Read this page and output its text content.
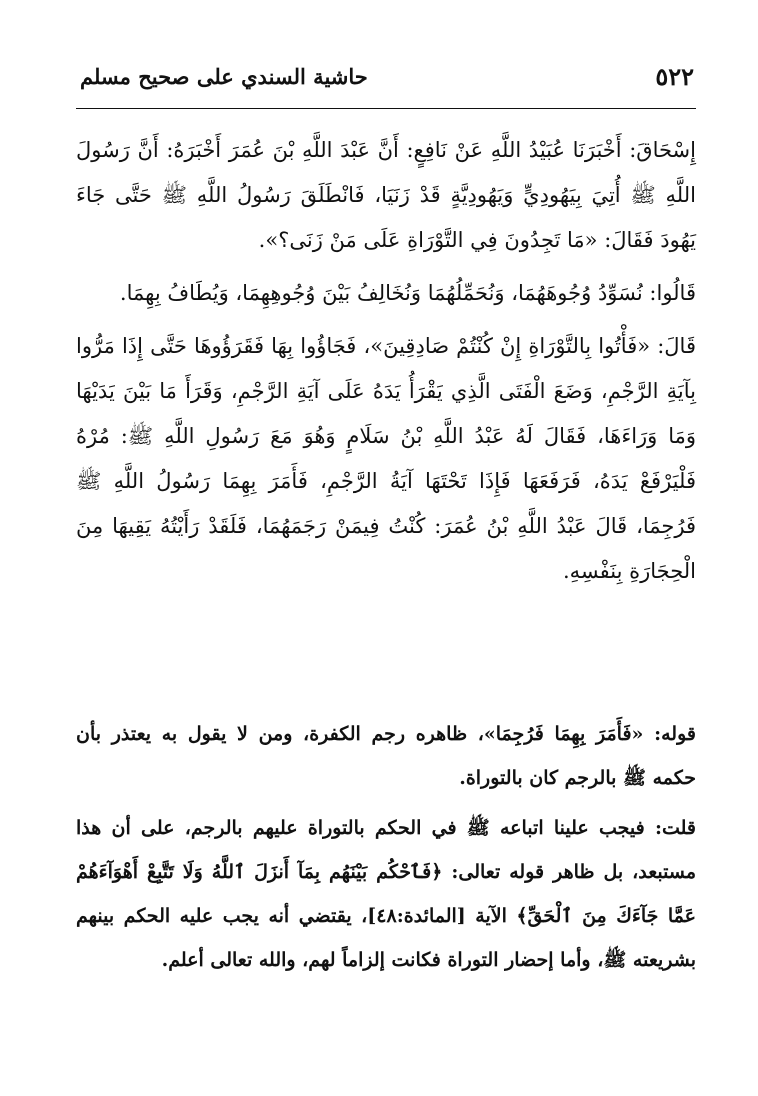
٥٢٢
حاشية السندي على صحيح مسلم

إِسْحَاقَ: أَخْبَرَنَا عُبَيْدُ اللَّهِ عَنْ نَافِعٍ: أَنَّ عَبْدَ اللَّهِ بْنَ عُمَرَ أَخْبَرَهُ: أَنَّ رَسُولَ اللَّهِ ﷺ أُتِيَ بِيَهُودِيٍّ وَيَهُودِيَّةٍ قَدْ زَنَيَا، فَانْطَلَقَ رَسُولُ اللَّهِ ﷺ حَتَّى جَاءَ يَهُودَ فَقَالَ: «مَا تَجِدُونَ فِي التَّوْرَاةِ عَلَى مَنْ زَنَى؟».

قَالُوا: نُسَوِّدُ وُجُوهَهُمَا، وَنُحَمِّلُهُمَا وَنُخَالِفُ بَيْنَ وُجُوهِهِمَا، وَيُطَافُ بِهِمَا.

قَالَ: «فَأْتُوا بِالتَّوْرَاةِ إِنْ كُنْتُمْ صَادِقِينَ»، فَجَاؤُوا بِهَا فَقَرَؤُوهَا حَتَّى إِذَا مَرُّوا بِآيَةِ الرَّجْمِ، وَضَعَ الْفَتَى الَّذِي يَقْرَأُ يَدَهُ عَلَى آيَةِ الرَّجْمِ، وَقَرَأَ مَا بَيْنَ يَدَيْهَا وَمَا وَرَاءَهَا، فَقَالَ لَهُ عَبْدُ اللَّهِ بْنُ سَلَامٍ وَهُوَ مَعَ رَسُولِ اللَّهِ ﷺ: مُرْهُ فَلْيَرْفَعْ يَدَهُ، فَرَفَعَهَا فَإِذَا تَحْتَهَا آيَةُ الرَّجْمِ، فَأَمَرَ بِهِمَا رَسُولُ اللَّهِ ﷺ فَرُجِمَا، قَالَ عَبْدُ اللَّهِ بْنُ عُمَرَ: كُنْتُ فِيمَنْ رَجَمَهُمَا، فَلَقَدْ رَأَيْتُهُ يَقِيهَا مِنَ الْحِجَارَةِ بِنَفْسِهِ.

قوله: «فَأَمَرَ بِهِمَا فَرُجِمَا»، ظاهره رجم الكفرة، ومن لا يقول به يعتذر بأن حكمه ﷺ بالرجم كان بالتوراة.

قلت: فيجب علينا اتباعه ﷺ في الحكم بالتوراة عليهم بالرجم، على أن هذا مستبعد، بل ظاهر قوله تعالى: ﴿فَٱحْكُم بَيْنَهُم بِمَآ أَنزَلَ ٱللَّهُ وَلَا تَتَّبِعْ أَهْوَآءَهُمْ عَمَّا جَآءَكَ مِنَ ٱلْحَقِّ﴾ الآية [المائدة:٤٨]، يقتضي أنه يجب عليه الحكم بينهم بشريعته ﷺ، وأما إحضار التوراة فكانت إلزاماً لهم، والله تعالى أعلم.
